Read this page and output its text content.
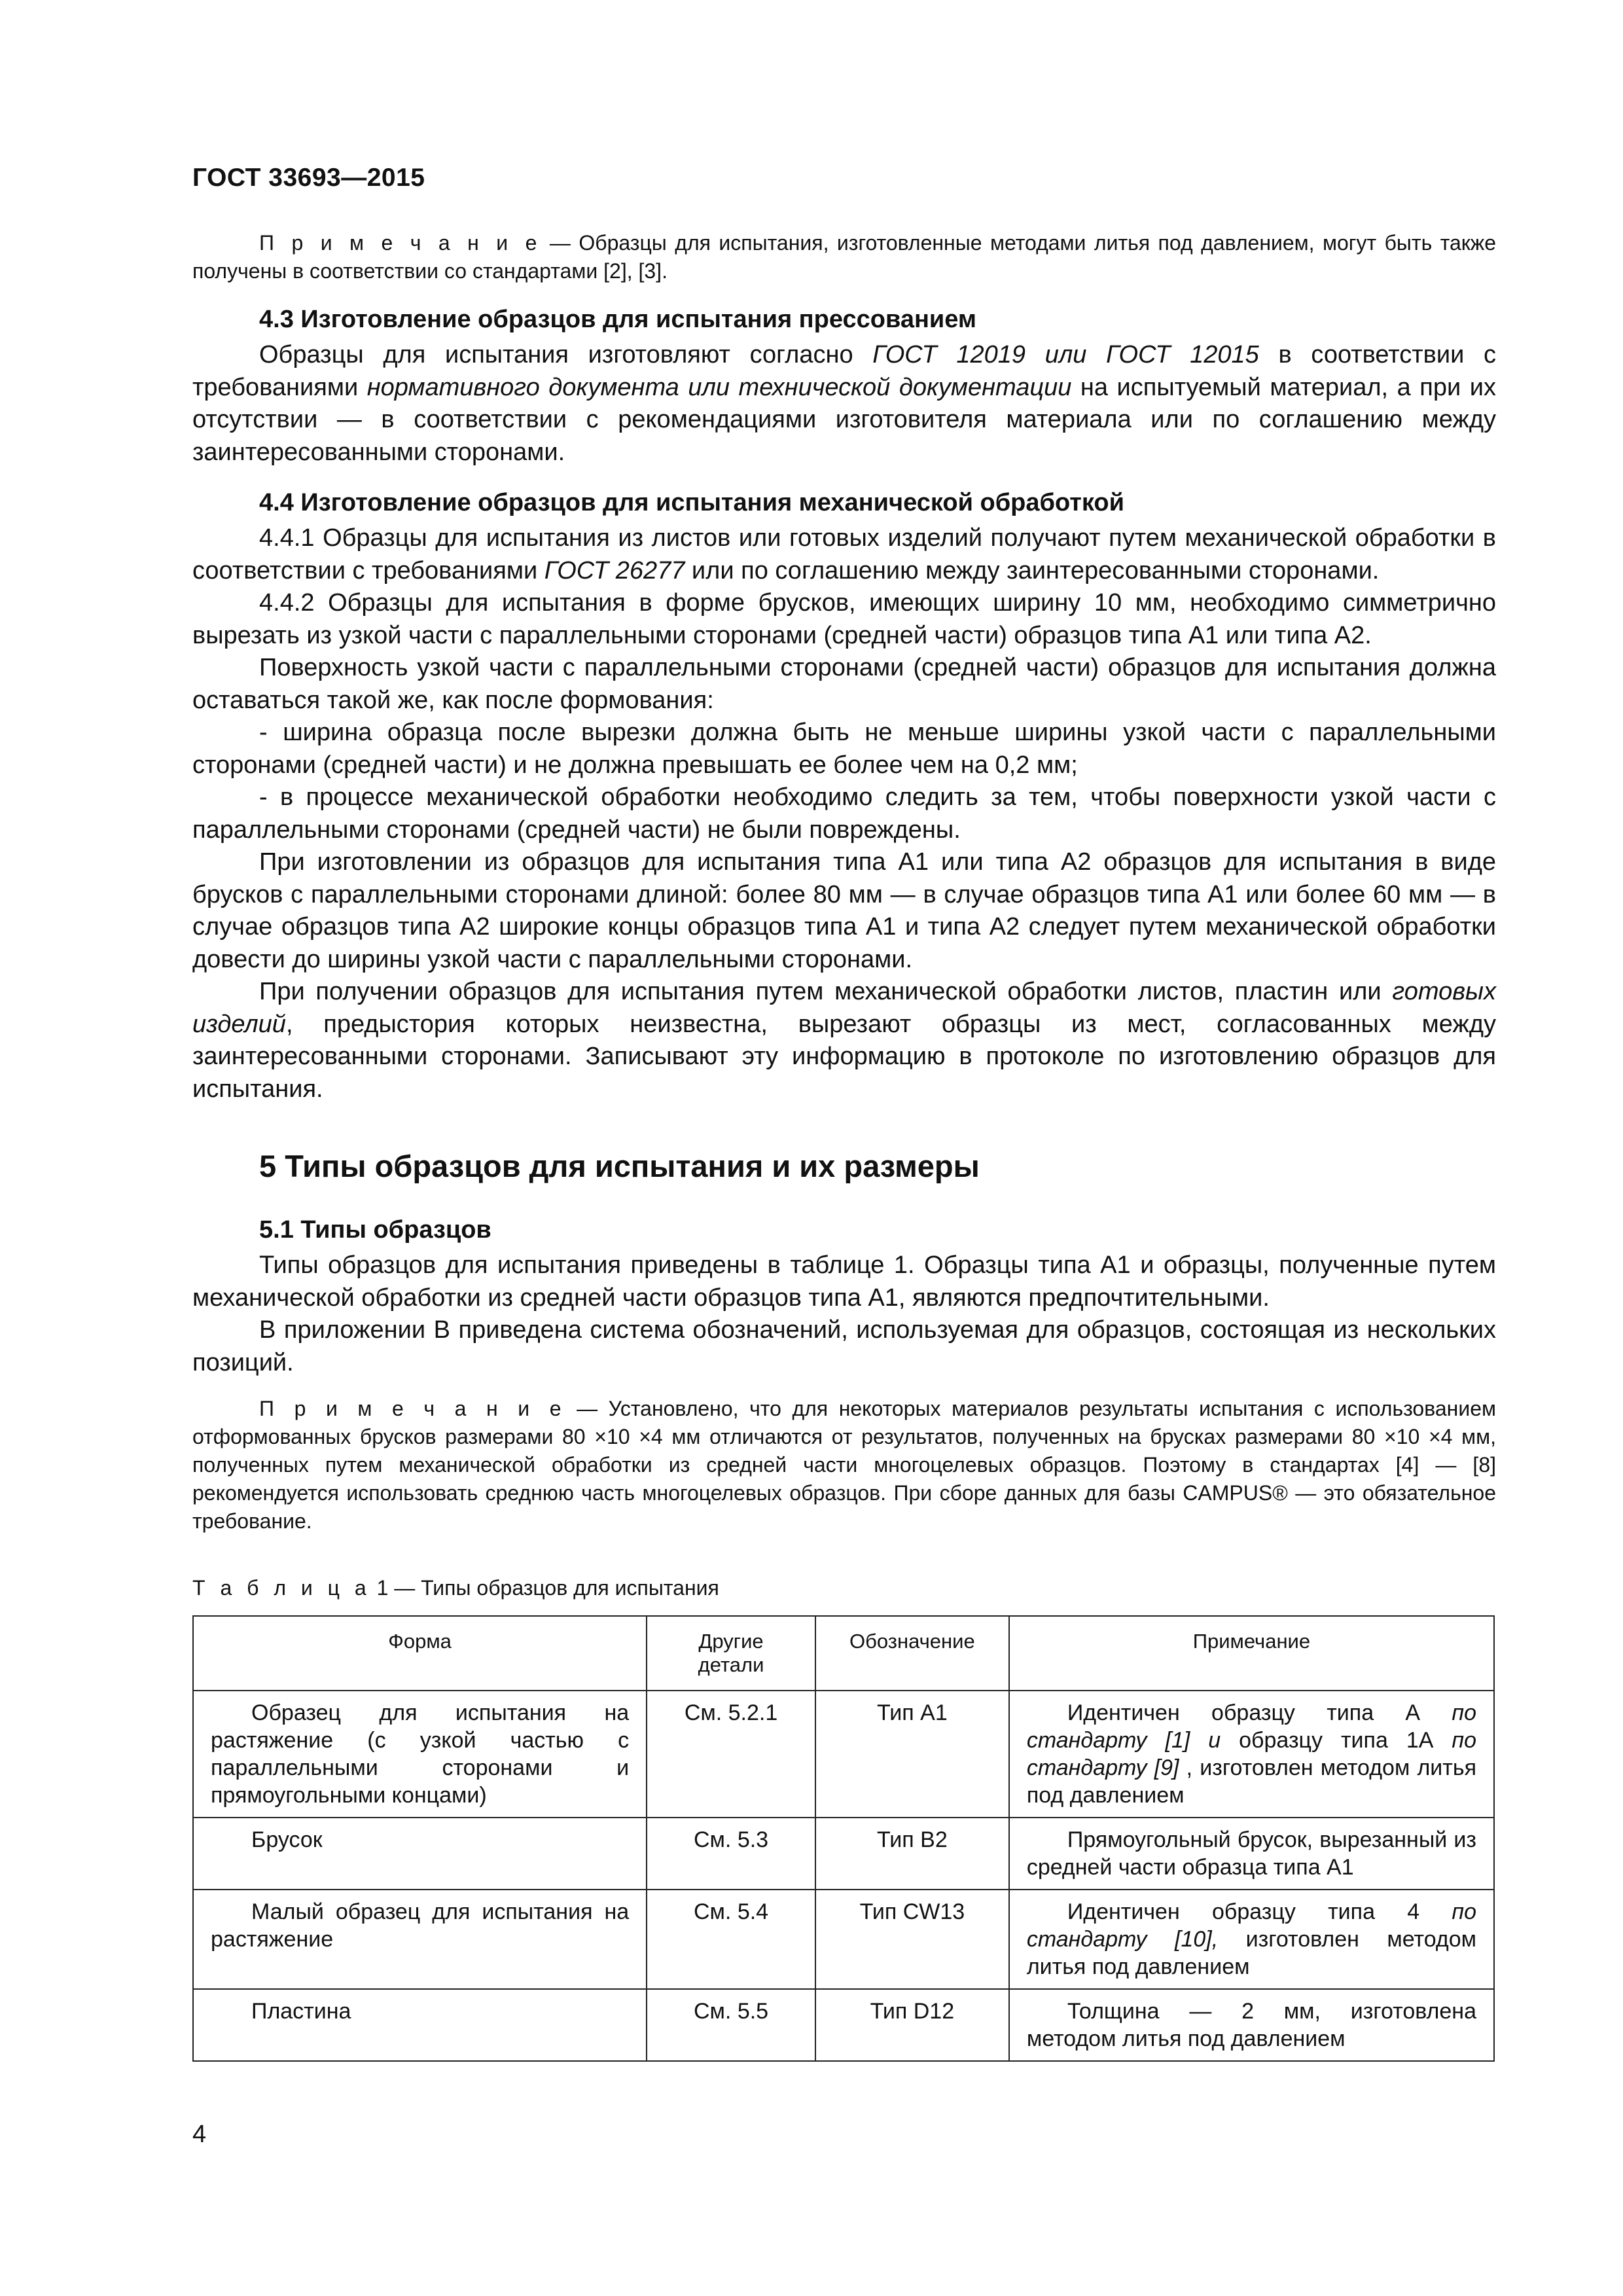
ГОСТ 33693—2015

П р и м е ч а н и е — Образцы для испытания, изготовленные методами литья под давлением, могут быть также получены в соответствии со стандартами [2], [3].

4.3 Изготовление образцов для испытания прессованием

Образцы для испытания изготовляют согласно ГОСТ 12019 или ГОСТ 12015 в соответствии с требованиями нормативного документа или технической документации на испытуемый материал, а при их отсутствии — в соответствии с рекомендациями изготовителя материала или по соглашению между заинтересованными сторонами.

4.4 Изготовление образцов для испытания механической обработкой

4.4.1 Образцы для испытания из листов или готовых изделий получают путем механической обработки в соответствии с требованиями ГОСТ 26277 или по соглашению между заинтересованными сторонами.

4.4.2 Образцы для испытания в форме брусков, имеющих ширину 10 мм, необходимо симметрично вырезать из узкой части с параллельными сторонами (средней части) образцов типа А1 или типа А2.

Поверхность узкой части с параллельными сторонами (средней части) образцов для испытания должна оставаться такой же, как после формования:

- ширина образца после вырезки должна быть не меньше ширины узкой части с параллельными сторонами (средней части) и не должна превышать ее более чем на 0,2 мм;

- в процессе механической обработки необходимо следить за тем, чтобы поверхности узкой части с параллельными сторонами (средней части) не были повреждены.

При изготовлении из образцов для испытания типа А1 или типа А2 образцов для испытания в виде брусков с параллельными сторонами длиной: более 80 мм — в случае образцов типа А1 или более 60 мм — в случае образцов типа А2 широкие концы образцов типа А1 и типа А2 следует путем механической обработки довести до ширины узкой части с параллельными сторонами.

При получении образцов для испытания путем механической обработки листов, пластин или готовых изделий, предыстория которых неизвестна, вырезают образцы из мест, согласованных между заинтересованными сторонами. Записывают эту информацию в протоколе по изготовлению образцов для испытания.

5 Типы образцов для испытания и их размеры
5.1 Типы образцов

Типы образцов для испытания приведены в таблице 1. Образцы типа А1 и образцы, полученные путем механической обработки из средней части образцов типа А1, являются предпочтительными.

В приложении В приведена система обозначений, используемая для образцов, состоящая из нескольких позиций.

П р и м е ч а н и е — Установлено, что для некоторых материалов результаты испытания с использованием отформованных брусков размерами 80 ×10 ×4 мм отличаются от результатов, полученных на брусках размерами 80 ×10 ×4 мм, полученных путем механической обработки из средней части многоцелевых образцов. Поэтому в стандартах [4] — [8] рекомендуется использовать среднюю часть многоцелевых образцов. При сборе данных для базы CAMPUS® — это обязательное требование.

Т а б л и ц а 1 — Типы образцов для испытания
Форма	Другие детали	Обозначение	Примечание
Образец для испытания на растяжение (с узкой частью с параллельными сторонами и прямоугольными концами)	См. 5.2.1	Тип А1	Идентичен образцу типа А по стандарту [1] и образцу типа 1А по стандарту [9] , изготовлен методом литья под давлением
Брусок	См. 5.3	Тип В2	Прямоугольный брусок, вырезанный из средней части образца типа А1
Малый образец для испытания на растяжение	См. 5.4	Тип CW13	Идентичен образцу типа 4 по стандарту [10], изготовлен методом литья под давлением
Пластина	См. 5.5	Тип D12	Толщина — 2 мм, изготовлена методом литья под давлением
4
